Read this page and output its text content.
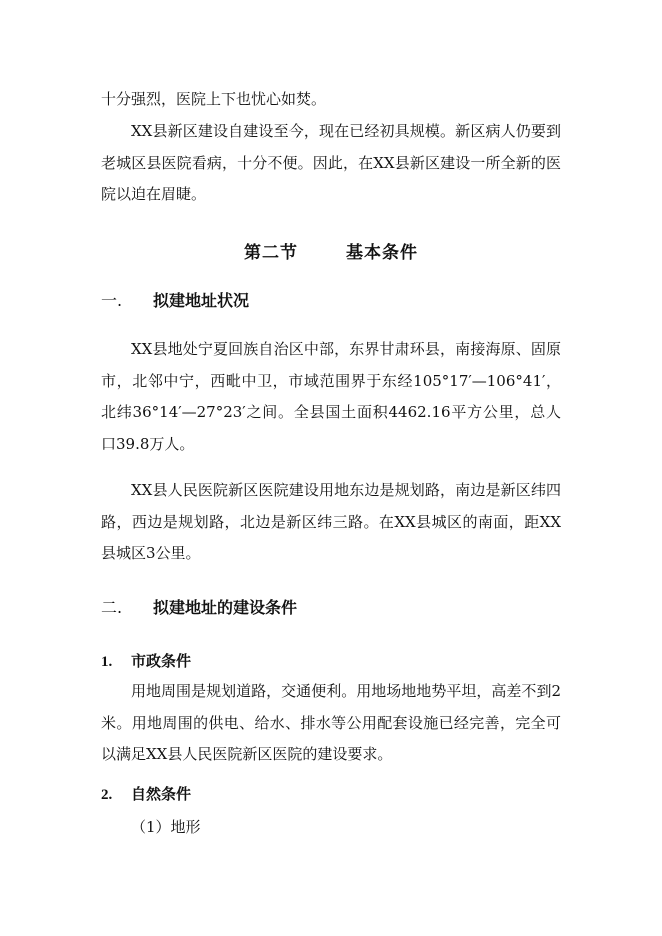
十分强烈，医院上下也忧心如焚。

XX县新区建设自建设至今，现在已经初具规模。新区病人仍要到老城区县医院看病，十分不便。因此，在XX县新区建设一所全新的医院以迫在眉睫。

第二节	基本条件
一. 拟建地址状况

XX县地处宁夏回族自治区中部，东界甘肃环县，南接海原、固原市，北邻中宁，西毗中卫，市域范围界于东经105°17′—106°41′，北纬36°14′—27°23′之间。全县国土面积4462.16平方公里，总人口39.8万人。

XX县人民医院新区医院建设用地东边是规划路，南边是新区纬四路，西边是规划路，北边是新区纬三路。在XX县城区的南面，距XX县城区3公里。

二. 拟建地址的建设条件
1. 市政条件

用地周围是规划道路，交通便利。用地场地地势平坦，高差不到2米。用地周围的供电、给水、排水等公用配套设施已经完善，完全可以满足XX县人民医院新区医院的建设要求。

2. 自然条件

（1）地形
